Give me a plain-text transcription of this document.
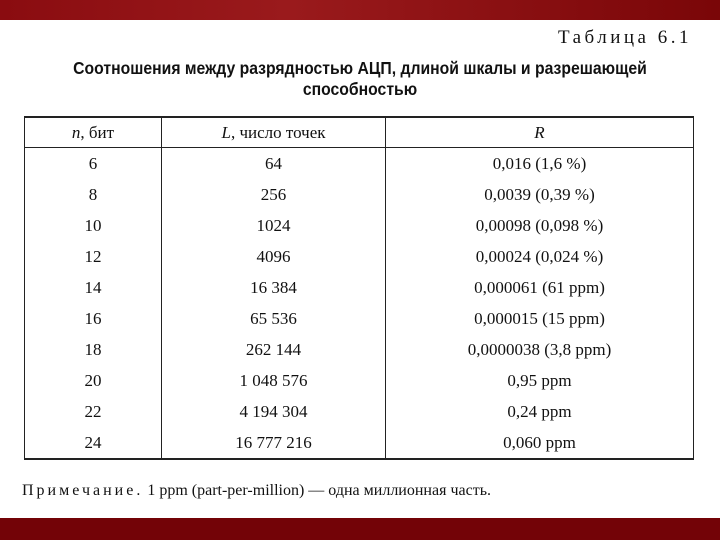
Таблица 6.1
Соотношения между разрядностью АЦП, длиной шкалы и разрешающей способностью
n, бит	L, число точек	R
6	64	0,016 (1,6 %)
8	256	0,0039 (0,39 %)
10	1024	0,00098 (0,098 %)
12	4096	0,00024 (0,024 %)
14	16 384	0,000061 (61 ppm)
16	65 536	0,000015 (15 ppm)
18	262 144	0,0000038 (3,8 ppm)
20	1 048 576	0,95 ppm
22	4 194 304	0,24 ppm
24	16 777 216	0,060 ppm
Примечание. 1 ppm (part-per-million) — одна миллионная часть.
